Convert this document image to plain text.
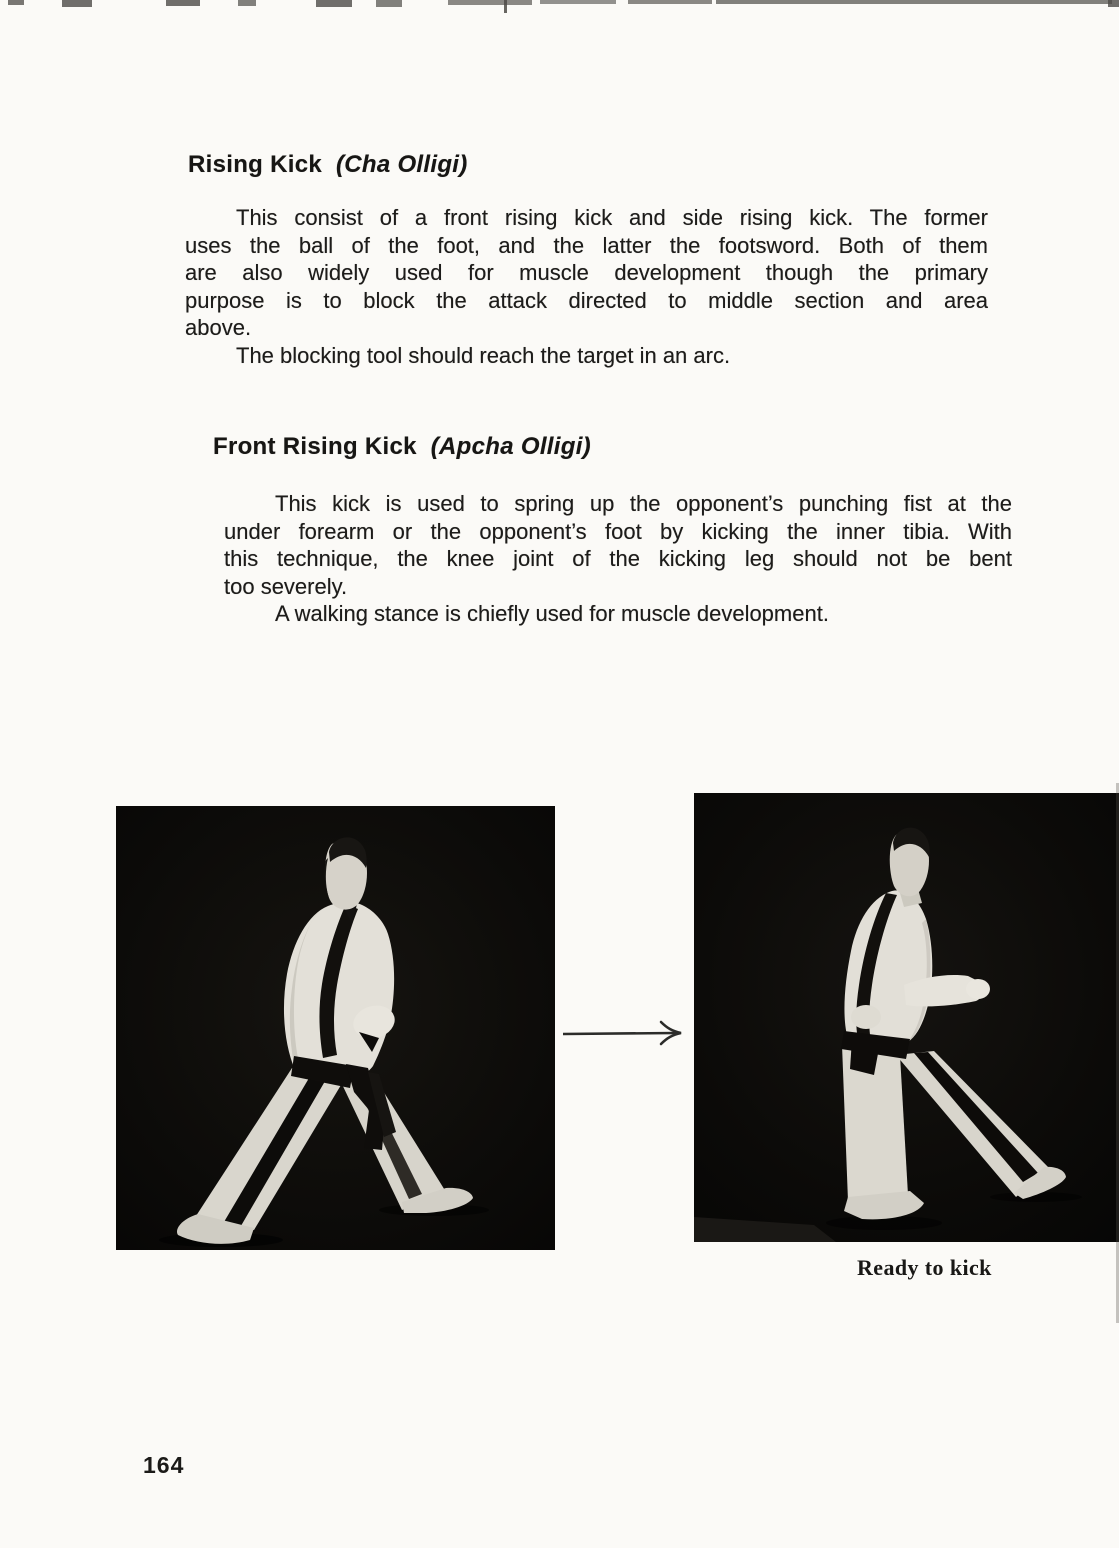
Rising Kick (Cha Olligi)
This consist of a front rising kick and side rising kick. The former
uses the ball of the foot, and the latter the footsword. Both of them
are also widely used for muscle development though the primary
purpose is to block the attack directed to middle section and area
above.
The blocking tool should reach the target in an arc.
Front Rising Kick (Apcha Olligi)
This kick is used to spring up the opponent’s punching fist at the
under forearm or the opponent’s foot by kicking the inner tibia. With
this technique, the knee joint of the kicking leg should not be bent
too severely.
A walking stance is chiefly used for muscle development.
Ready to kick
164
